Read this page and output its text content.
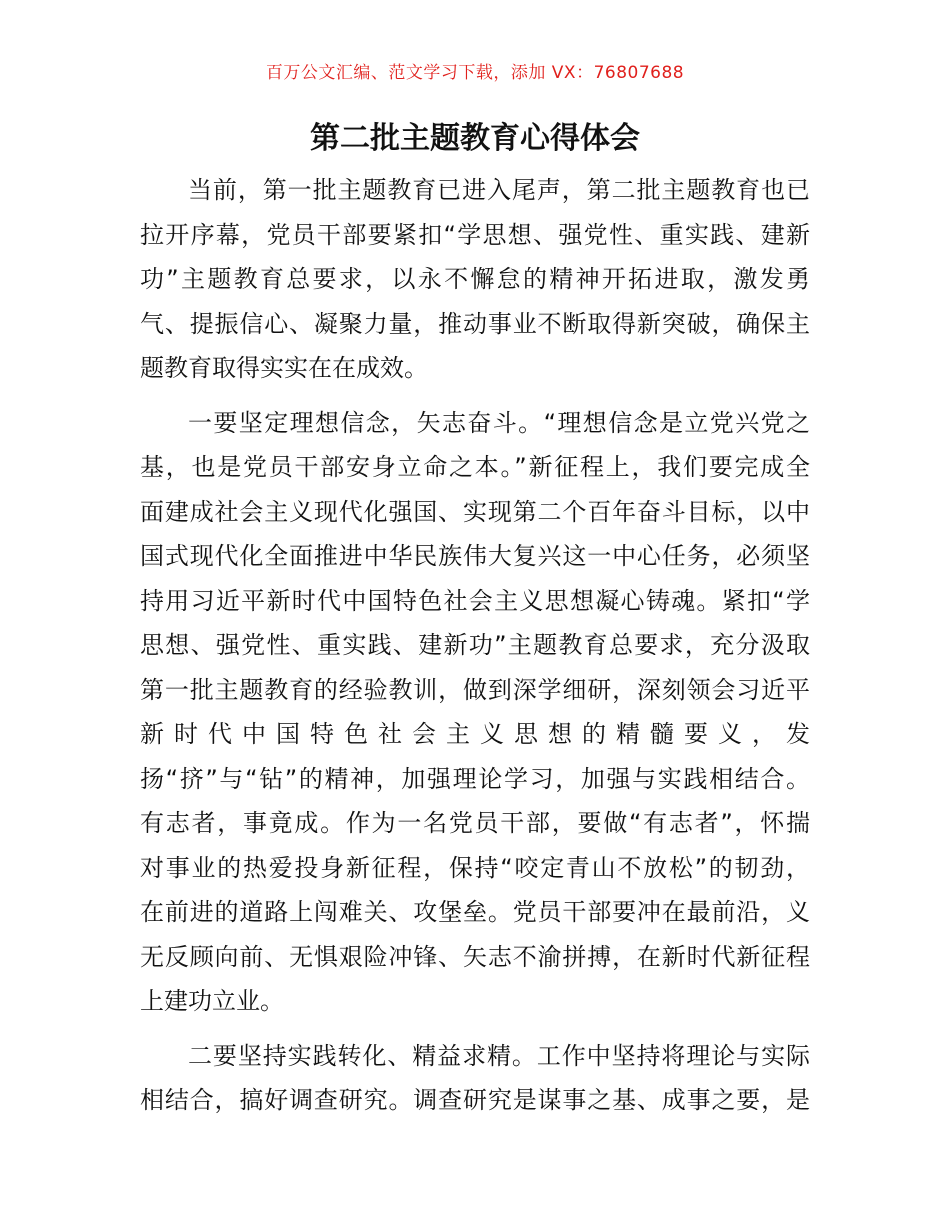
百万公文汇编、范文学习下载，添加 VX：76807688
第二批主题教育心得体会
当前，第一批主题教育已进入尾声，第二批主题教育也已
拉开序幕，党员干部要紧扣“学思想、强党性、重实践、建新
功”主题教育总要求，以永不懈怠的精神开拓进取，激发勇
气、提振信心、凝聚力量，推动事业不断取得新突破，确保主
题教育取得实实在在成效。
一要坚定理想信念，矢志奋斗。“理想信念是立党兴党之
基，也是党员干部安身立命之本。”新征程上，我们要完成全
面建成社会主义现代化强国、实现第二个百年奋斗目标，以中
国式现代化全面推进中华民族伟大复兴这一中心任务，必须坚
持用习近平新时代中国特色社会主义思想凝心铸魂。紧扣“学
思想、强党性、重实践、建新功”主题教育总要求，充分汲取
第一批主题教育的经验教训，做到深学细研，深刻领会习近平
新时代中国特色社会主义思想的精髓要义，发
扬“挤”与“钻”的精神，加强理论学习，加强与实践相结合。
有志者，事竟成。作为一名党员干部，要做“有志者”，怀揣
对事业的热爱投身新征程，保持“咬定青山不放松”的韧劲，
在前进的道路上闯难关、攻堡垒。党员干部要冲在最前沿，义
无反顾向前、无惧艰险冲锋、矢志不渝拼搏，在新时代新征程
上建功立业。
二要坚持实践转化、精益求精。工作中坚持将理论与实际
相结合，搞好调查研究。调查研究是谋事之基、成事之要，是
